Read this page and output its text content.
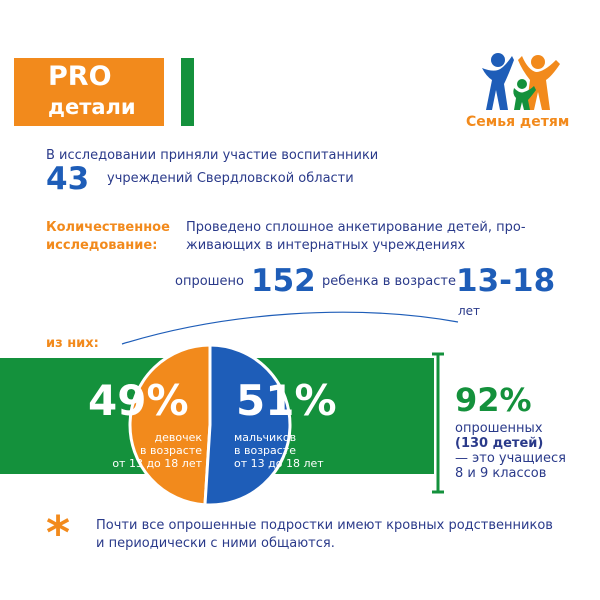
PRO
детали
Семья детям
В исследовании приняли участие воспитанники
43 учреждений Свердловской области
Количественное
исследование:
Проведено сплошное анкетирование детей, про-
живающих в интернатных учреждениях
опрошено 152 ребенка в возрасте 13-18
лет
из них:
49%
девочек
в возрасте
от 13 до 18 лет
51%
мальчиков
в возрасте
от 13 до 18 лет
92%
опрошенных
(130 детей)
— это учащиеся
8 и 9 классов
* Почти все опрошенные подростки имеют кровных родственников
и периодически с ними общаются.
